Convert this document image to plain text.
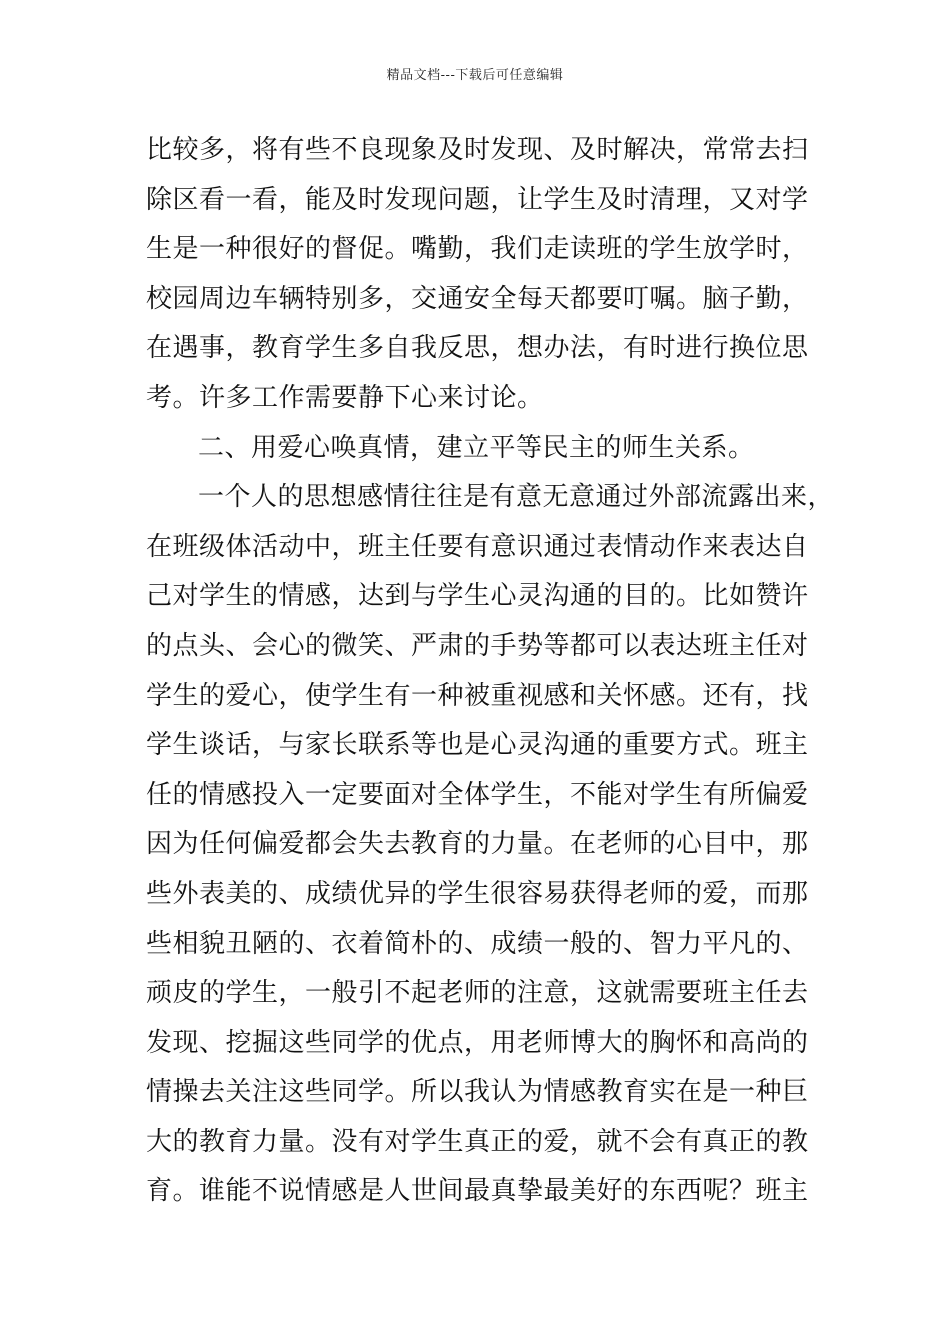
精品文档---下载后可任意编辑
比较多，将有些不良现象及时发现、及时解决，常常去扫
除区看一看，能及时发现问题，让学生及时清理，又对学
生是一种很好的督促。嘴勤，我们走读班的学生放学时，
校园周边车辆特别多，交通安全每天都要叮嘱。脑子勤，
在遇事，教育学生多自我反思，想办法，有时进行换位思
考。许多工作需要静下心来讨论。
二、用爱心唤真情，建立平等民主的师生关系。
一个人的思想感情往往是有意无意通过外部流露出来，
在班级体活动中，班主任要有意识通过表情动作来表达自
己对学生的情感，达到与学生心灵沟通的目的。比如赞许
的点头、会心的微笑、严肃的手势等都可以表达班主任对
学生的爱心，使学生有一种被重视感和关怀感。还有，找
学生谈话，与家长联系等也是心灵沟通的重要方式。班主
任的情感投入一定要面对全体学生，不能对学生有所偏爱
因为任何偏爱都会失去教育的力量。在老师的心目中，那
些外表美的、成绩优异的学生很容易获得老师的爱，而那
些相貌丑陋的、衣着简朴的、成绩一般的、智力平凡的、
顽皮的学生，一般引不起老师的注意，这就需要班主任去
发现、挖掘这些同学的优点，用老师博大的胸怀和高尚的
情操去关注这些同学。所以我认为情感教育实在是一种巨
大的教育力量。没有对学生真正的爱，就不会有真正的教
育。谁能不说情感是人世间最真挚最美好的东西呢？班主
